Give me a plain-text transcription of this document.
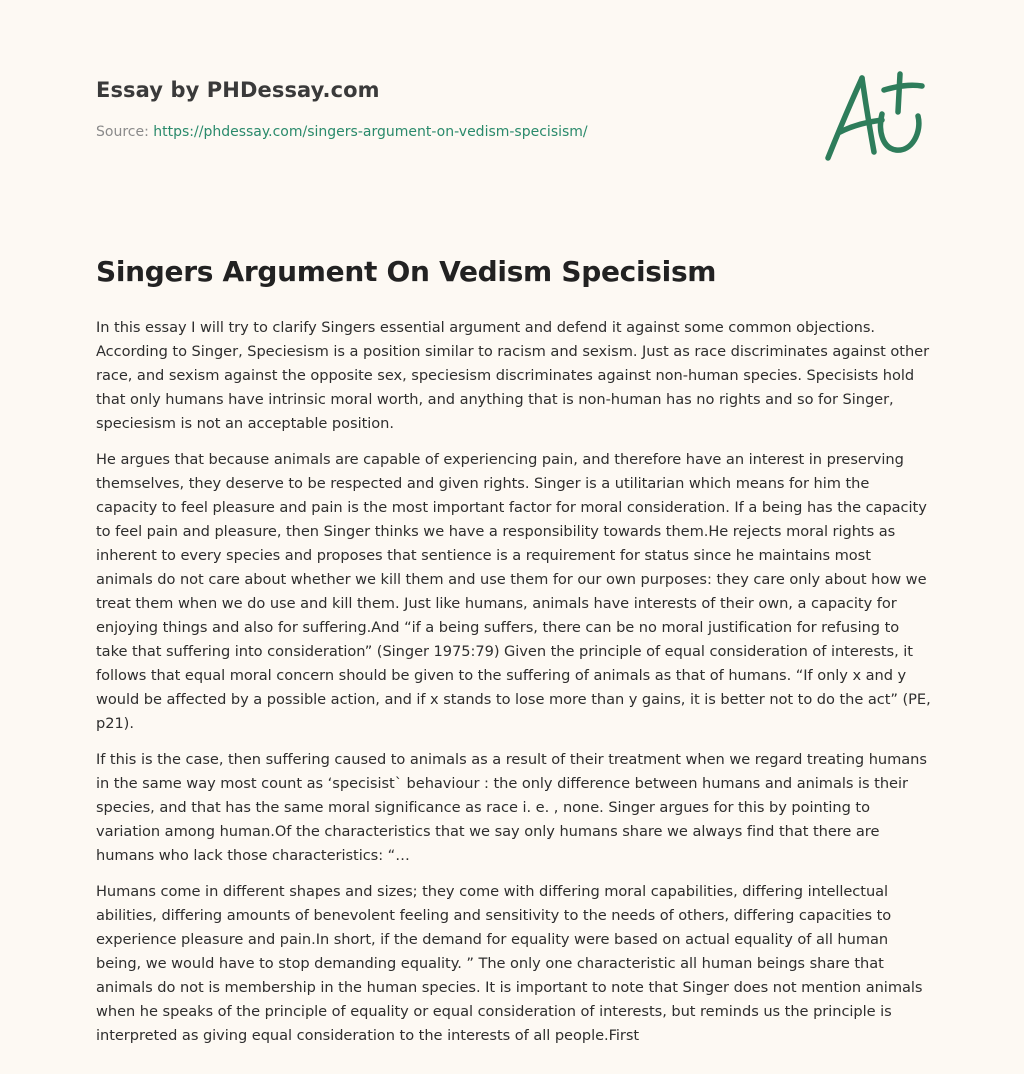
Essay by PHDessay.com
Source: https://phdessay.com/singers-argument-on-vedism-specisism/
Singers Argument On Vedism Specisism

In this essay I will try to clarify Singers essential argument and defend it against some common objections. According to Singer, Speciesism is a position similar to racism and sexism. Just as race discriminates against other race, and sexism against the opposite sex, speciesism discriminates against non-human species. Specisists hold that only humans have intrinsic moral worth, and anything that is non-human has no rights and so for Singer, speciesism is not an acceptable position.

He argues that because animals are capable of experiencing pain, and therefore have an interest in preserving themselves, they deserve to be respected and given rights. Singer is a utilitarian which means for him the capacity to feel pleasure and pain is the most important factor for moral consideration. If a being has the capacity to feel pain and pleasure, then Singer thinks we have a responsibility towards them.He rejects moral rights as inherent to every species and proposes that sentience is a requirement for status since he maintains most animals do not care about whether we kill them and use them for our own purposes: they care only about how we treat them when we do use and kill them. Just like humans, animals have interests of their own, a capacity for enjoying things and also for suffering.And “if a being suffers, there can be no moral justification for refusing to take that suffering into consideration” (Singer 1975:79) Given the principle of equal consideration of interests, it follows that equal moral concern should be given to the suffering of animals as that of humans. “If only x and y would be affected by a possible action, and if x stands to lose more than y gains, it is better not to do the act” (PE, p21).

If this is the case, then suffering caused to animals as a result of their treatment when we regard treating humans in the same way most count as ‘specisist` behaviour : the only difference between humans and animals is their species, and that has the same moral significance as race i. e. , none. Singer argues for this by pointing to variation among human.Of the characteristics that we say only humans share we always find that there are humans who lack those characteristics: “…

Humans come in different shapes and sizes; they come with differing moral capabilities, differing intellectual abilities, differing amounts of benevolent feeling and sensitivity to the needs of others, differing capacities to experience pleasure and pain.In short, if the demand for equality were based on actual equality of all human being, we would have to stop demanding equality. ” The only one characteristic all human beings share that animals do not is membership in the human species. It is important to note that Singer does not mention animals when he speaks of the principle of equality or equal consideration of interests, but reminds us the principle is interpreted as giving equal consideration to the interests of all people.First
